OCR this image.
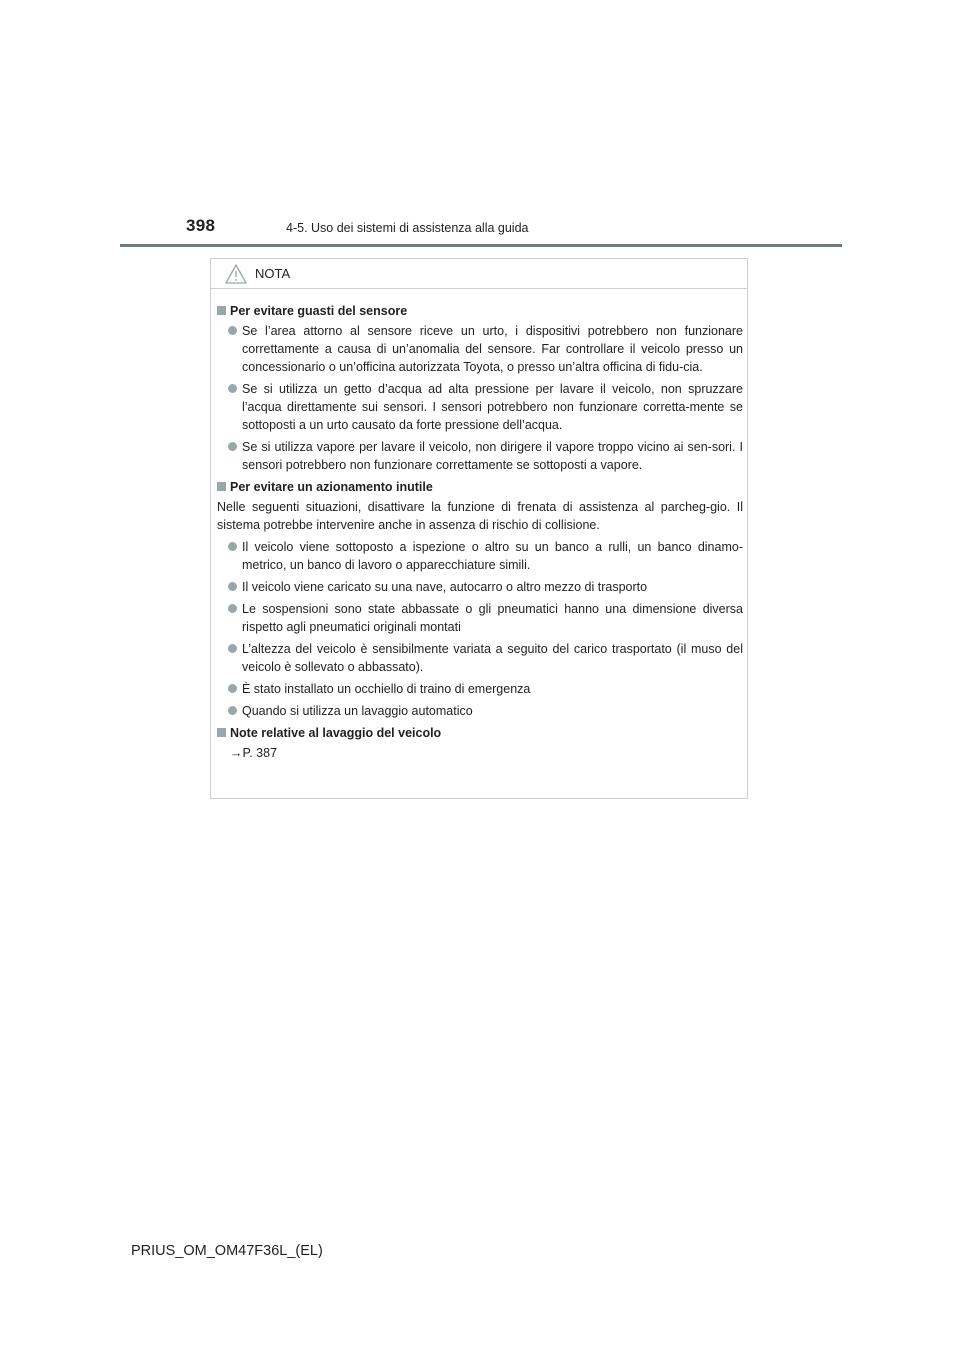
398	4-5. Uso dei sistemi di assistenza alla guida
NOTA
Per evitare guasti del sensore
Se l’area attorno al sensore riceve un urto, i dispositivi potrebbero non funzionare correttamente a causa di un’anomalia del sensore. Far controllare il veicolo presso un concessionario o un’officina autorizzata Toyota, o presso un’altra officina di fidu-cia.
Se si utilizza un getto d’acqua ad alta pressione per lavare il veicolo, non spruzzare l’acqua direttamente sui sensori. I sensori potrebbero non funzionare corretta-mente se sottoposti a un urto causato da forte pressione dell’acqua.
Se si utilizza vapore per lavare il veicolo, non dirigere il vapore troppo vicino ai sen-sori. I sensori potrebbero non funzionare correttamente se sottoposti a vapore.
Per evitare un azionamento inutile
Nelle seguenti situazioni, disattivare la funzione di frenata di assistenza al parcheg-gio. Il sistema potrebbe intervenire anche in assenza di rischio di collisione.
Il veicolo viene sottoposto a ispezione o altro su un banco a rulli, un banco dinamo-metrico, un banco di lavoro o apparecchiature simili.
Il veicolo viene caricato su una nave, autocarro o altro mezzo di trasporto
Le sospensioni sono state abbassate o gli pneumatici hanno una dimensione diversa rispetto agli pneumatici originali montati
L’altezza del veicolo è sensibilmente variata a seguito del carico trasportato (il muso del veicolo è sollevato o abbassato).
È stato installato un occhiello di traino di emergenza
Quando si utilizza un lavaggio automatico
Note relative al lavaggio del veicolo
→P. 387
PRIUS_OM_OM47F36L_(EL)
